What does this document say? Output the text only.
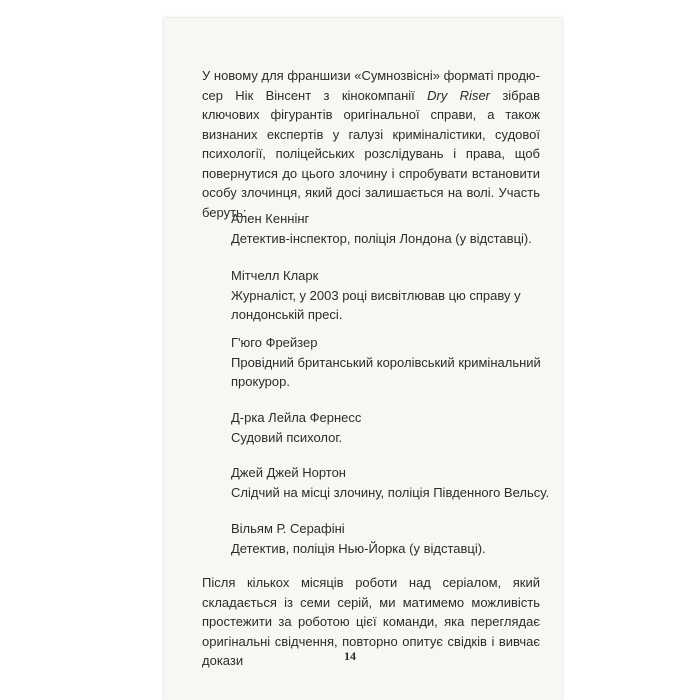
У новому для франшизи «Сумнозвісні» форматі продюсер Нік Вінсент з кінокомпанії Dry Riser зібрав ключових фігурантів оригінальної справи, а також визнаних експертів у галузі криміналістики, судової психології, поліцейських розслідувань і права, щоб повернутися до цього злочину і спробувати встановити особу злочинця, який досі залишається на волі. Участь беруть:

Ален Кеннінг
Детектив-інспектор, поліція Лондона (у відставці).
Мітчелл Кларк
Журналіст, у 2003 році висвітлював цю справу у лондонській пресі.
Г'юго Фрейзер
Провідний британський королівський кримінальний прокурор.
Д-рка Лейла Фернесс
Судовий психолог.
Джей Джей Нортон
Слідчий на місці злочину, поліція Південного Вельсу.
Вільям Р. Серафіні
Детектив, поліція Нью-Йорка (у відставці).

Після кількох місяців роботи над серіалом, який складається із семи серій, ми матимемо можливість простежити за роботою цієї команди, яка переглядає оригінальні свідчення, повторно опитує свідків і вивчає докази	14
